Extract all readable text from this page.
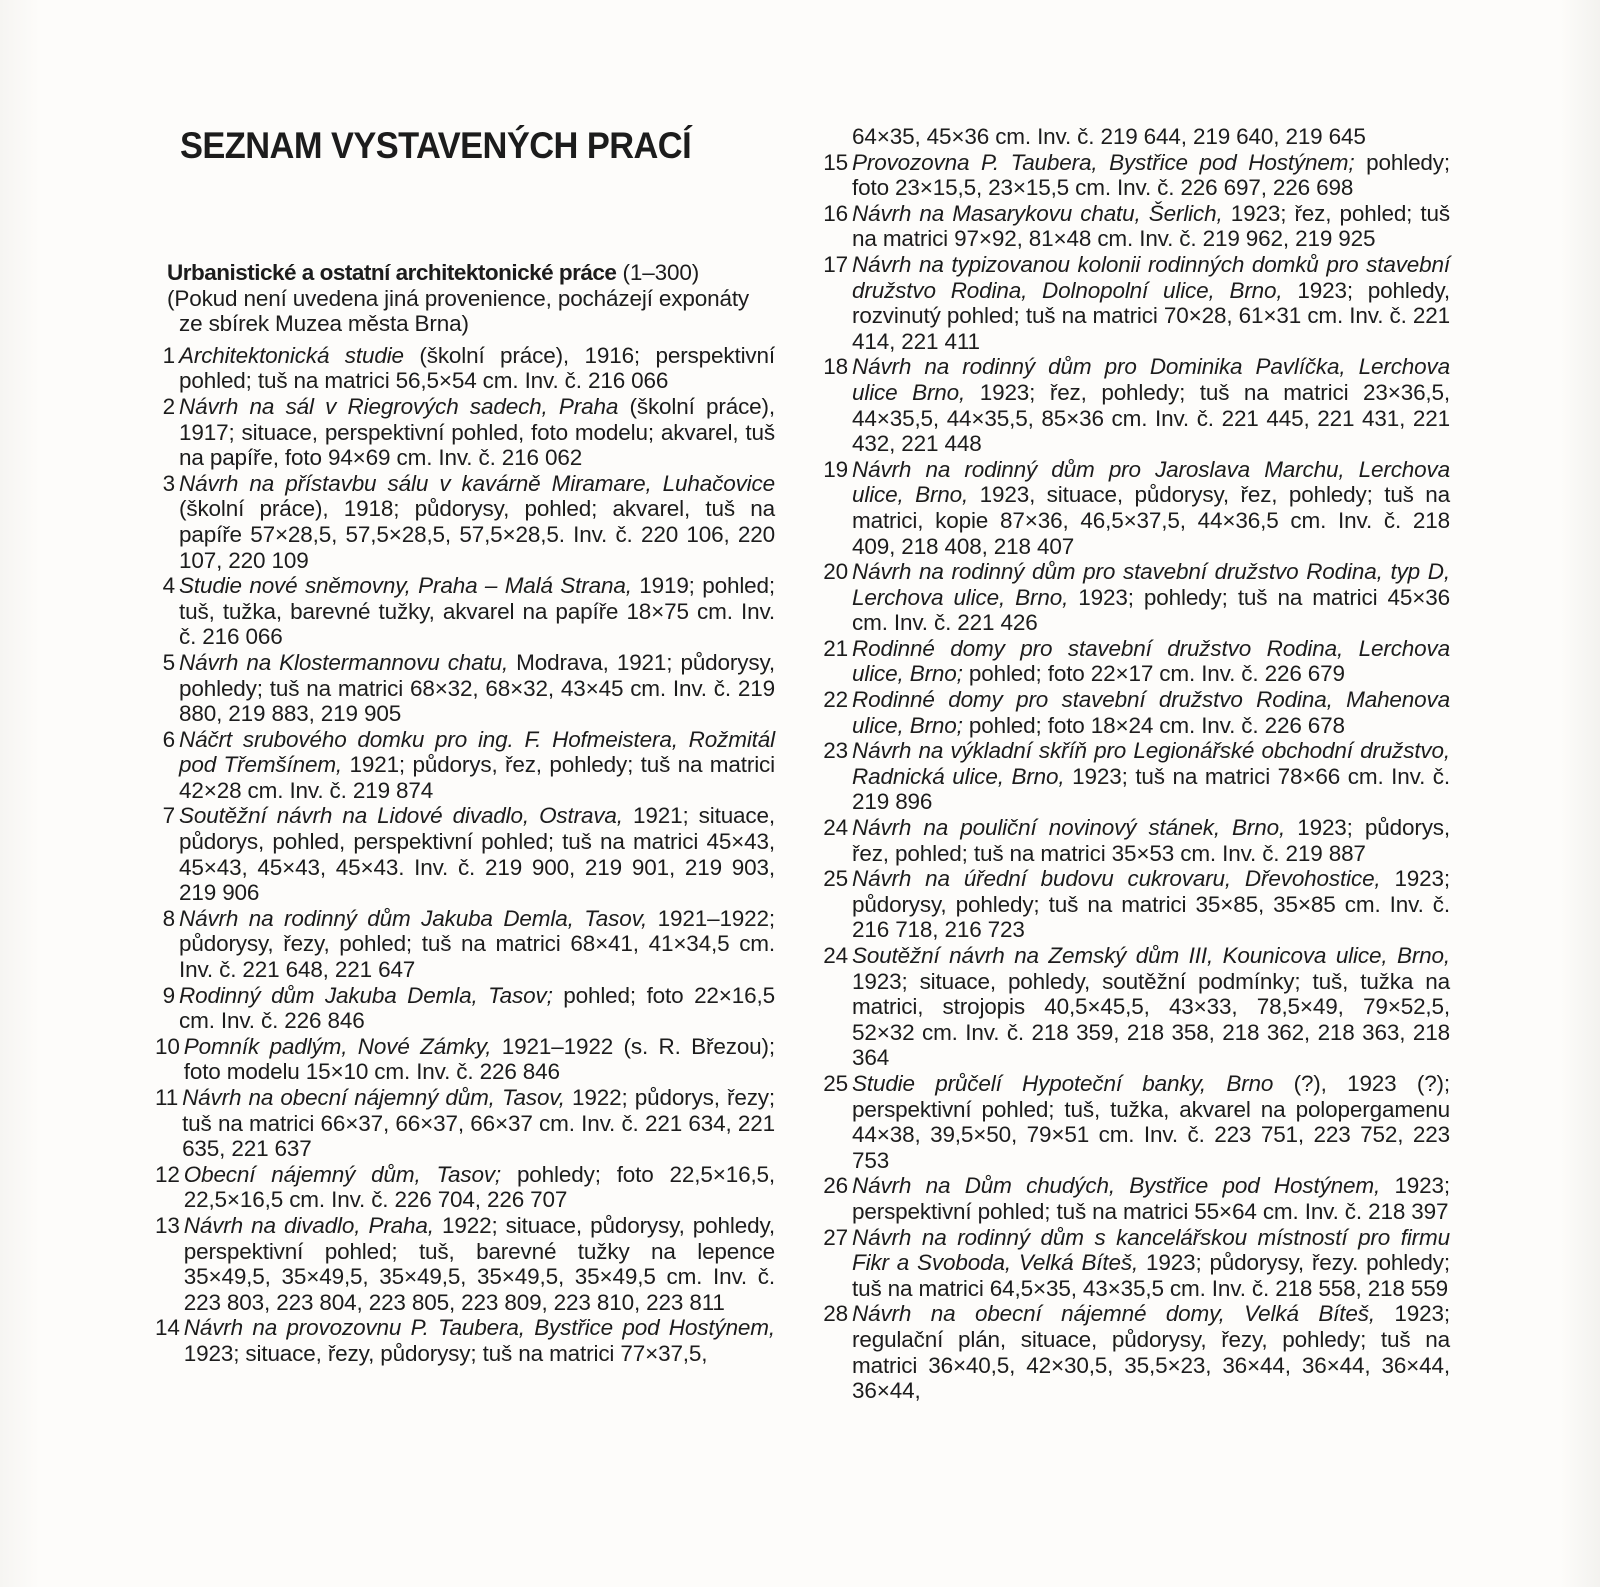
SEZNAM VYSTAVENÝCH PRACÍ
Urbanistické a ostatní architektonické práce (1–300)
(Pokud není uvedena jiná provenience, pocházejí exponáty ze sbírek Muzea města Brna)
1 Architektonická studie (školní práce), 1916; perspektivní pohled; tuš na matrici 56,5×54 cm. Inv. č. 216 066
2 Návrh na sál v Riegrových sadech, Praha (školní práce), 1917; situace, perspektivní pohled, foto modelu; akvarel, tuš na papíře, foto 94×69 cm. Inv. č. 216 062
3 Návrh na přístavbu sálu v kavárně Miramare, Luhačovice (školní práce), 1918; půdorysy, pohled; akvarel, tuš na papíře 57×28,5, 57,5×28,5, 57,5×28,5. Inv. č. 220 106, 220 107, 220 109
4 Studie nové sněmovny, Praha – Malá Strana, 1919; pohled; tuš, tužka, barevné tužky, akvarel na papíře 18×75 cm. Inv. č. 216 066
5 Návrh na Klostermannovu chatu, Modrava, 1921; půdorysy, pohledy; tuš na matrici 68×32, 68×32, 43×45 cm. Inv. č. 219 880, 219 883, 219 905
6 Náčrt srubového domku pro ing. F. Hofmeistera, Rožmitál pod Třemšínem, 1921; půdorys, řez, pohledy; tuš na matrici 42×28 cm. Inv. č. 219 874
7 Soutěžní návrh na Lidové divadlo, Ostrava, 1921; situace, půdorys, pohled, perspektivní pohled; tuš na matrici 45×43, 45×43, 45×43, 45×43. Inv. č. 219 900, 219 901, 219 903, 219 906
8 Návrh na rodinný dům Jakuba Demla, Tasov, 1921–1922; půdorysy, řezy, pohled; tuš na matrici 68×41, 41×34,5 cm. Inv. č. 221 648, 221 647
9 Rodinný dům Jakuba Demla, Tasov; pohled; foto 22×16,5 cm. Inv. č. 226 846
10 Pomník padlým, Nové Zámky, 1921–1922 (s. R. Březou); foto modelu 15×10 cm. Inv. č. 226 846
11 Návrh na obecní nájemný dům, Tasov, 1922; půdorys, řezy; tuš na matrici 66×37, 66×37, 66×37 cm. Inv. č. 221 634, 221 635, 221 637
12 Obecní nájemný dům, Tasov; pohledy; foto 22,5×16,5, 22,5×16,5 cm. Inv. č. 226 704, 226 707
13 Návrh na divadlo, Praha, 1922; situace, půdorysy, pohledy, perspektivní pohled; tuš, barevné tužky na lepence 35×49,5, 35×49,5, 35×49,5, 35×49,5, 35×49,5 cm. Inv. č. 223 803, 223 804, 223 805, 223 809, 223 810, 223 811
14 Návrh na provozovnu P. Taubera, Bystřice pod Hostýnem, 1923; situace, řezy, půdorysy; tuš na matrici 77×37,5,
64×35, 45×36 cm. Inv. č. 219 644, 219 640, 219 645
15 Provozovna P. Taubera, Bystřice pod Hostýnem; pohledy; foto 23×15,5, 23×15,5 cm. Inv. č. 226 697, 226 698
16 Návrh na Masarykovu chatu, Šerlich, 1923; řez, pohled; tuš na matrici 97×92, 81×48 cm. Inv. č. 219 962, 219 925
17 Návrh na typizovanou kolonii rodinných domků pro stavební družstvo Rodina, Dolnopolní ulice, Brno, 1923; pohledy, rozvinutý pohled; tuš na matrici 70×28, 61×31 cm. Inv. č. 221 414, 221 411
18 Návrh na rodinný dům pro Dominika Pavlíčka, Lerchova ulice Brno, 1923; řez, pohledy; tuš na matrici 23×36,5, 44×35,5, 44×35,5, 85×36 cm. Inv. č. 221 445, 221 431, 221 432, 221 448
19 Návrh na rodinný dům pro Jaroslava Marchu, Lerchova ulice, Brno, 1923, situace, půdorysy, řez, pohledy; tuš na matrici, kopie 87×36, 46,5×37,5, 44×36,5 cm. Inv. č. 218 409, 218 408, 218 407
20 Návrh na rodinný dům pro stavební družstvo Rodina, typ D, Lerchova ulice, Brno, 1923; pohledy; tuš na matrici 45×36 cm. Inv. č. 221 426
21 Rodinné domy pro stavební družstvo Rodina, Lerchova ulice, Brno; pohled; foto 22×17 cm. Inv. č. 226 679
22 Rodinné domy pro stavební družstvo Rodina, Mahenova ulice, Brno; pohled; foto 18×24 cm. Inv. č. 226 678
23 Návrh na výkladní skříň pro Legionářské obchodní družstvo, Radnická ulice, Brno, 1923; tuš na matrici 78×66 cm. Inv. č. 219 896
24 Návrh na pouliční novinový stánek, Brno, 1923; půdorys, řez, pohled; tuš na matrici 35×53 cm. Inv. č. 219 887
25 Návrh na úřední budovu cukrovaru, Dřevohostice, 1923; půdorysy, pohledy; tuš na matrici 35×85, 35×85 cm. Inv. č. 216 718, 216 723
24 Soutěžní návrh na Zemský dům III, Kounicova ulice, Brno, 1923; situace, pohledy, soutěžní podmínky; tuš, tužka na matrici, strojopis 40,5×45,5, 43×33, 78,5×49, 79×52,5, 52×32 cm. Inv. č. 218 359, 218 358, 218 362, 218 363, 218 364
25 Studie průčelí Hypoteční banky, Brno (?), 1923 (?); perspektivní pohled; tuš, tužka, akvarel na polopergamenu 44×38, 39,5×50, 79×51 cm. Inv. č. 223 751, 223 752, 223 753
26 Návrh na Dům chudých, Bystřice pod Hostýnem, 1923; perspektivní pohled; tuš na matrici 55×64 cm. Inv. č. 218 397
27 Návrh na rodinný dům s kancelářskou místností pro firmu Fikr a Svoboda, Velká Bíteš, 1923; půdorysy, řezy. pohledy; tuš na matrici 64,5×35, 43×35,5 cm. Inv. č. 218 558, 218 559
28 Návrh na obecní nájemné domy, Velká Bíteš, 1923; regulační plán, situace, půdorysy, řezy, pohledy; tuš na matrici 36×40,5, 42×30,5, 35,5×23, 36×44, 36×44, 36×44, 36×44,
